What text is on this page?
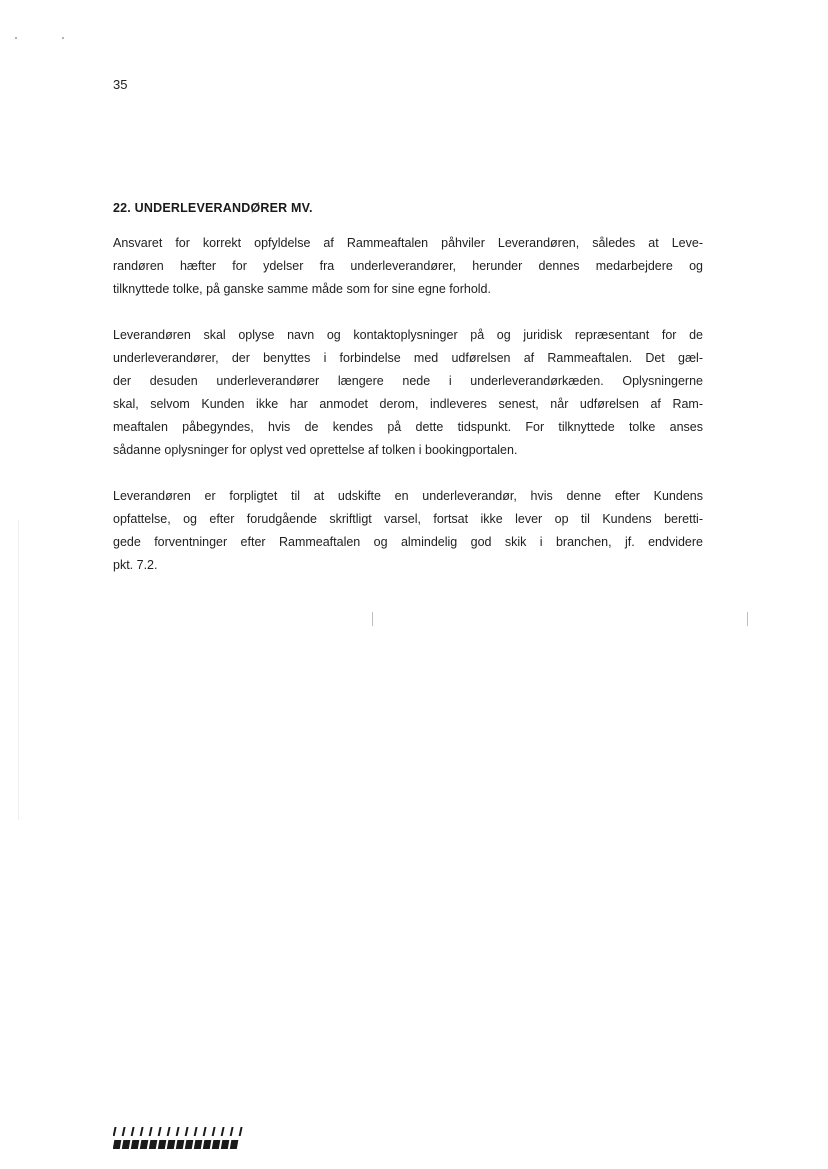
35
22. UNDERLEVERANDØRER MV.
Ansvaret for korrekt opfyldelse af Rammeaftalen påhviler Leverandøren, således at Leve-
randøren hæfter for ydelser fra underleverandører, herunder dennes medarbejdere og
tilknyttede tolke, på ganske samme måde som for sine egne forhold.
Leverandøren skal oplyse navn og kontaktoplysninger på og juridisk repræsentant for de
underleverandører, der benyttes i forbindelse med udførelsen af Rammeaftalen. Det gæl-
der desuden underleverandører længere nede i underleverandørkæden. Oplysningerne
skal, selvom Kunden ikke har anmodet derom, indleveres senest, når udførelsen af Ram-
meaftalen påbegyndes, hvis de kendes på dette tidspunkt. For tilknyttede tolke anses
sådanne oplysninger for oplyst ved oprettelse af tolken i bookingportalen.
Leverandøren er forpligtet til at udskifte en underleverandør, hvis denne efter Kundens
opfattelse, og efter forudgående skriftligt varsel, fortsat ikke lever op til Kundens beretti-
gede forventninger efter Rammeaftalen og almindelig god skik i branchen, jf. endvidere
pkt. 7.2.
